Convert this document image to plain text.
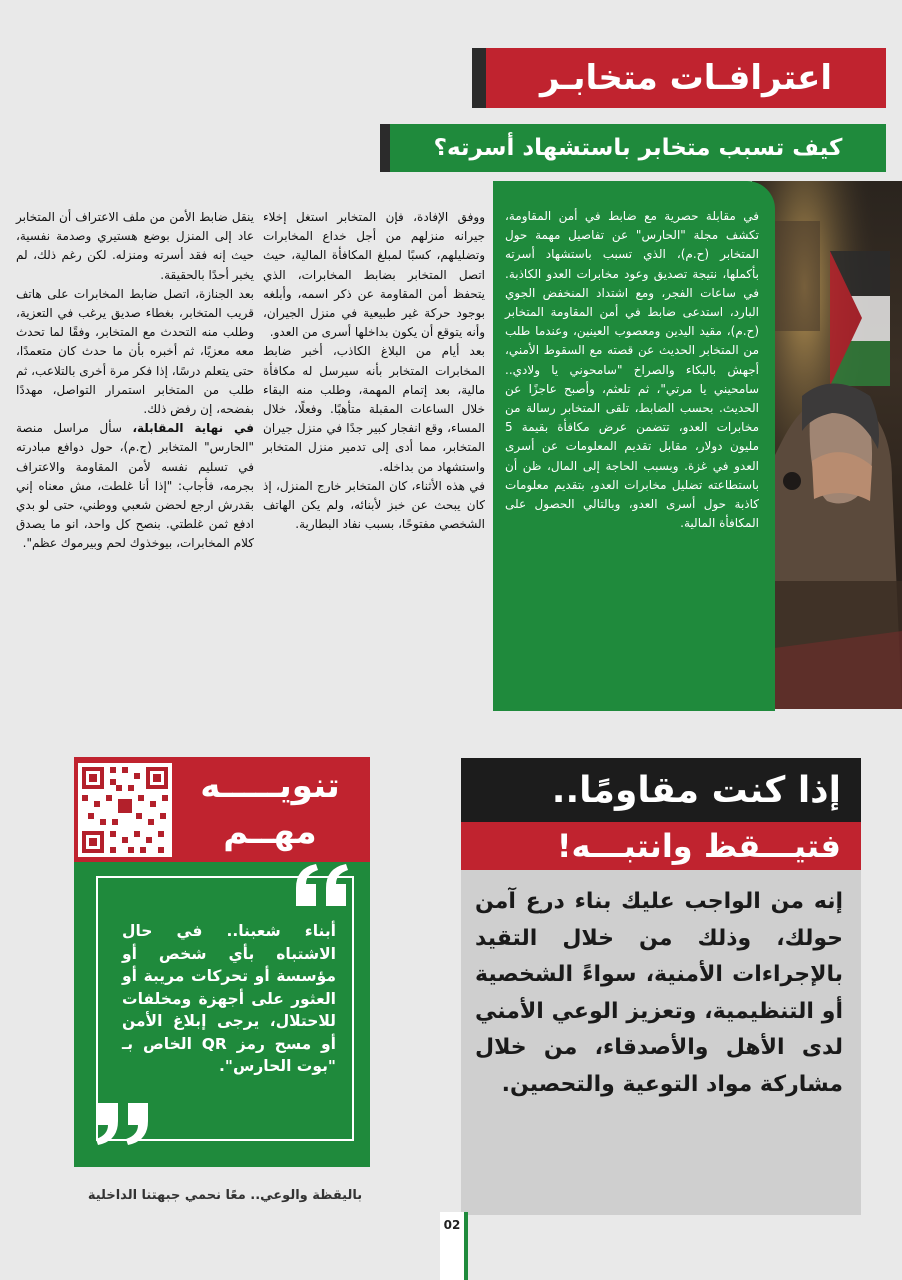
اعترافـات متخابـر
كيف تسبب متخابر باستشهاد أسرته؟

في مقابلة حصرية مع ضابط في أمن المقاومة، تكشف مجلة "الحارس" عن تفاصيل مهمة حول المتخابر (ح.م)، الذي تسبب باستشهاد أسرته بأكملها، نتيجة تصديق وعود مخابرات العدو الكاذبة. في ساعات الفجر، ومع اشتداد المنخفض الجوي البارد، استدعى ضابط في أمن المقاومة المتخابر (ح.م)، مقيد اليدين ومعصوب العينين، وعندما طلب من المتخابر الحديث عن قصته مع السقوط الأمني، أجهش بالبكاء والصراخ "سامحوني يا ولادي.. سامحيني يا مرتي"، ثم تلعثم، وأصبح عاجزًا عن الحديث. بحسب الضابط، تلقى المتخابر رسالة من مخابرات العدو، تتضمن عرض مكافأة بقيمة 5 مليون دولار، مقابل تقديم المعلومات عن أسرى العدو في غزة. وبسبب الحاجة إلى المال، ظن أن باستطاعته تضليل مخابرات العدو، بتقديم معلومات كاذبة حول أسرى العدو، وبالتالي الحصول على المكافأة المالية.

ووفق الإفادة، فإن المتخابر استغل إخلاء جيرانه منزلهم من أجل خداع المخابرات وتضليلهم، كسبًا لمبلغ المكافأة المالية، حيث اتصل المتخابر بضابط المخابرات، الذي يتحفظ أمن المقاومة عن ذكر اسمه، وأبلغه بوجود حركة غير طبيعية في منزل الجيران، وأنه يتوقع أن يكون بداخلها أسرى من العدو.

بعد أيام من البلاغ الكاذب، أخبر ضابط المخابرات المتخابر بأنه سيرسل له مكافأة مالية، بعد إتمام المهمة، وطلب منه البقاء خلال الساعات المقبلة متأهبًا. وفعلًا، خلال المساء، وقع انفجار كبير جدًا في منزل جيران المتخابر، مما أدى إلى تدمير منزل المتخابر واستشهاد من بداخله.

في هذه الأثناء، كان المتخابر خارج المنزل، إذ كان يبحث عن خبز لأبنائه، ولم يكن الهاتف الشخصي مفتوحًا، بسبب نفاد البطارية.

ينقل ضابط الأمن من ملف الاعتراف أن المتخابر عاد إلى المنزل بوضع هستيري وصدمة نفسية، حيث إنه فقد أسرته ومنزله. لكن رغم ذلك، لم يخبر أحدًا بالحقيقة.

بعد الجنازة، اتصل ضابط المخابرات على هاتف قريب المتخابر، بغطاء صديق يرغب في التعزية، وطلب منه التحدث مع المتخابر، وفقًا لما تحدث معه معزيًا، ثم أخبره بأن ما حدث كان متعمدًا، حتى يتعلم درسًا، إذا فكر مرة أخرى بالتلاعب، ثم طلب من المتخابر استمرار التواصل، مهددًا بفضحه، إن رفض ذلك.

في نهاية المقابلة، سأل مراسل منصة "الحارس" المتخابر (ح.م)، حول دوافع مبادرته في تسليم نفسه لأمن المقاومة والاعتراف بجرمه، فأجاب: "إذا أنا غلطت، مش معناه إني بقدرش ارجع لحضن شعبي ووطني، حتى لو بدي ادفع ثمن غلطتي. بنصح كل واحد، انو ما يصدق كلام المخابرات، بيوخذوك لحم وبيرموك عظم".

إذا كنت مقاومًا..
فتيـــقظ وانتبـــه!

إنه من الواجب عليك بناء درع آمن حولك، وذلك من خلال التقيد بالإجراءات الأمنية، سواءً الشخصية أو التنظيمية، وتعزيز الوعي الأمني لدى الأهل والأصدقاء، من خلال مشاركة مواد التوعية والتحصين.

تنويـــــه
مهــم
أبناء شعبنا.. في حال الاشتباه بأي شخص أو مؤسسة أو تحركات مريبة أو العثور على أجهزة ومخلفات للاحتلال، يرجى إبلاغ الأمن أو مسح رمز QR الخاص بـ "بوت الحارس".
باليقظة والوعي.. معًا نحمي جبهتنا الداخلية
02
